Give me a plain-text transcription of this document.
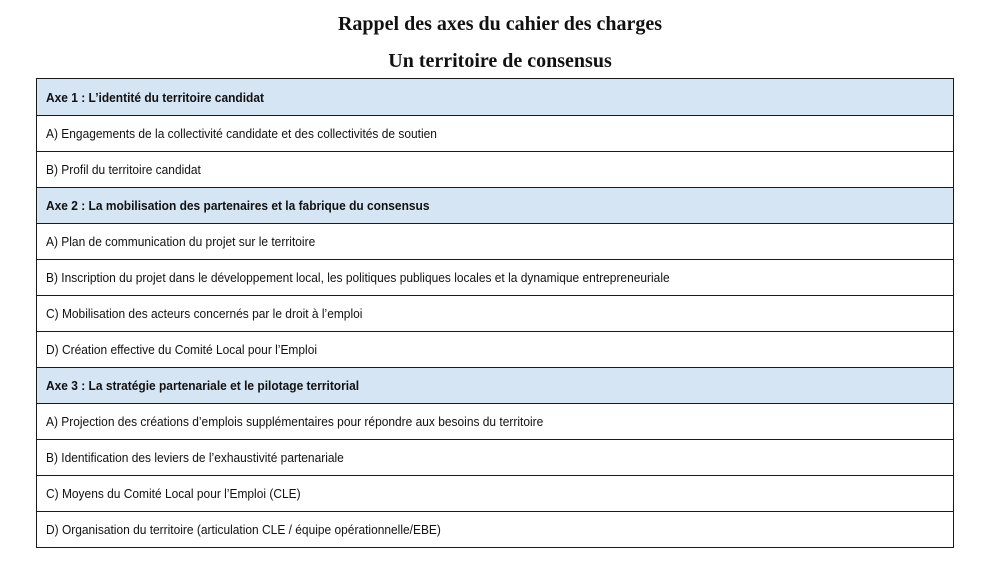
Rappel des axes du cahier des charges
Un territoire de consensus
Axe 1 : L’identité du territoire candidat
A) Engagements de la collectivité candidate et des collectivités de soutien
B) Profil du territoire candidat
Axe 2 : La mobilisation des partenaires et la fabrique du consensus
A) Plan de communication du projet sur le territoire
B) Inscription du projet dans le développement local, les politiques publiques locales et la dynamique entrepreneuriale
C) Mobilisation des acteurs concernés par le droit à l’emploi
D) Création effective du Comité Local pour l’Emploi
Axe 3 : La stratégie partenariale et le pilotage territorial
A) Projection des créations d’emplois supplémentaires pour répondre aux besoins du territoire
B) Identification des leviers de l’exhaustivité partenariale
C) Moyens du Comité Local pour l’Emploi (CLE)
D) Organisation du territoire (articulation CLE / équipe opérationnelle/EBE)
